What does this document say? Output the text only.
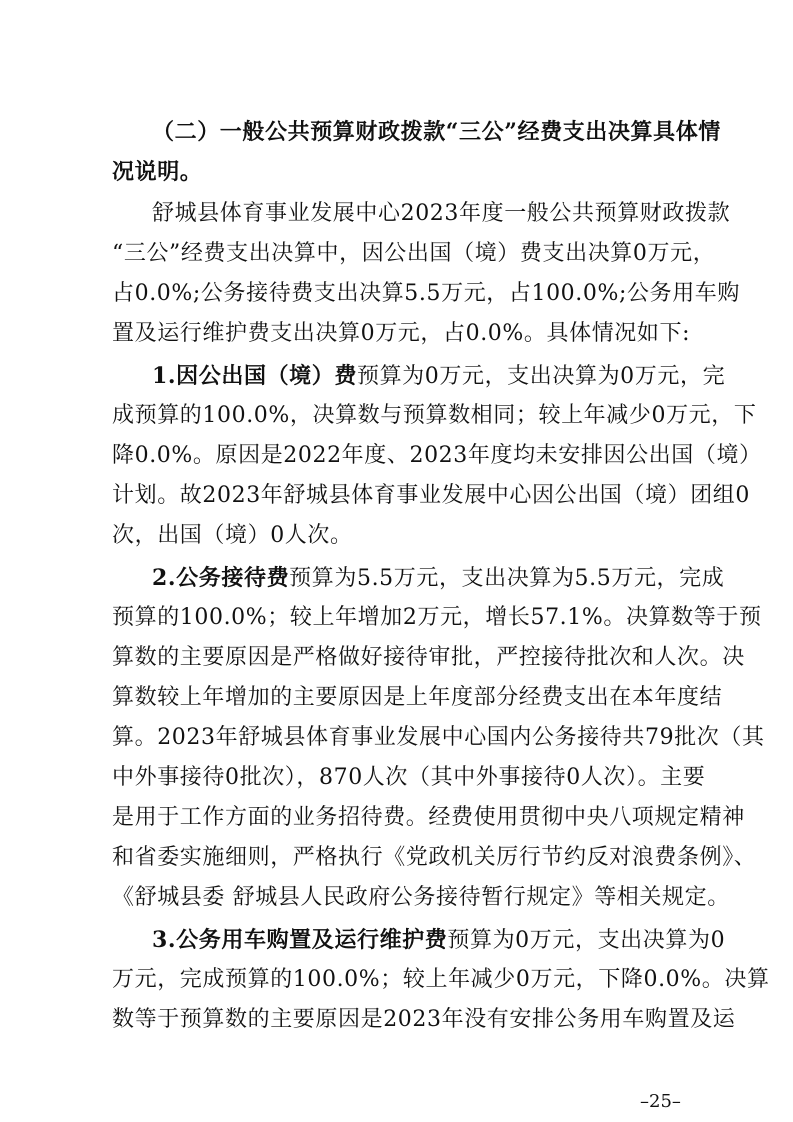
（二）一般公共预算财政拨款“三公”经费支出决算具体情
况说明。
舒城县体育事业发展中心2023年度一般公共预算财政拨款
“三公”经费支出决算中，因公出国（境）费支出决算0万元，
占0.0%;公务接待费支出决算5.5万元，占100.0%;公务用车购
置及运行维护费支出决算0万元，占0.0%。具体情况如下:
1.因公出国（境）费预算为0万元，支出决算为0万元，完
成预算的100.0%，决算数与预算数相同；较上年减少0万元，下
降0.0%。原因是2022年度、2023年度均未安排因公出国（境）
计划。故2023年舒城县体育事业发展中心因公出国（境）团组0
次，出国（境）0人次。
2.公务接待费预算为5.5万元，支出决算为5.5万元，完成
预算的100.0%；较上年增加2万元，增长57.1%。决算数等于预
算数的主要原因是严格做好接待审批，严控接待批次和人次。决
算数较上年增加的主要原因是上年度部分经费支出在本年度结
算。2023年舒城县体育事业发展中心国内公务接待共79批次（其
中外事接待0批次），870人次（其中外事接待0人次）。主要
是用于工作方面的业务招待费。经费使用贯彻中央八项规定精神
和省委实施细则，严格执行《党政机关厉行节约反对浪费条例》、
《舒城县委 舒城县人民政府公务接待暂行规定》等相关规定。
3.公务用车购置及运行维护费预算为0万元，支出决算为0
万元，完成预算的100.0%；较上年减少0万元，下降0.0%。决算
数等于预算数的主要原因是2023年没有安排公务用车购置及运
–25–
